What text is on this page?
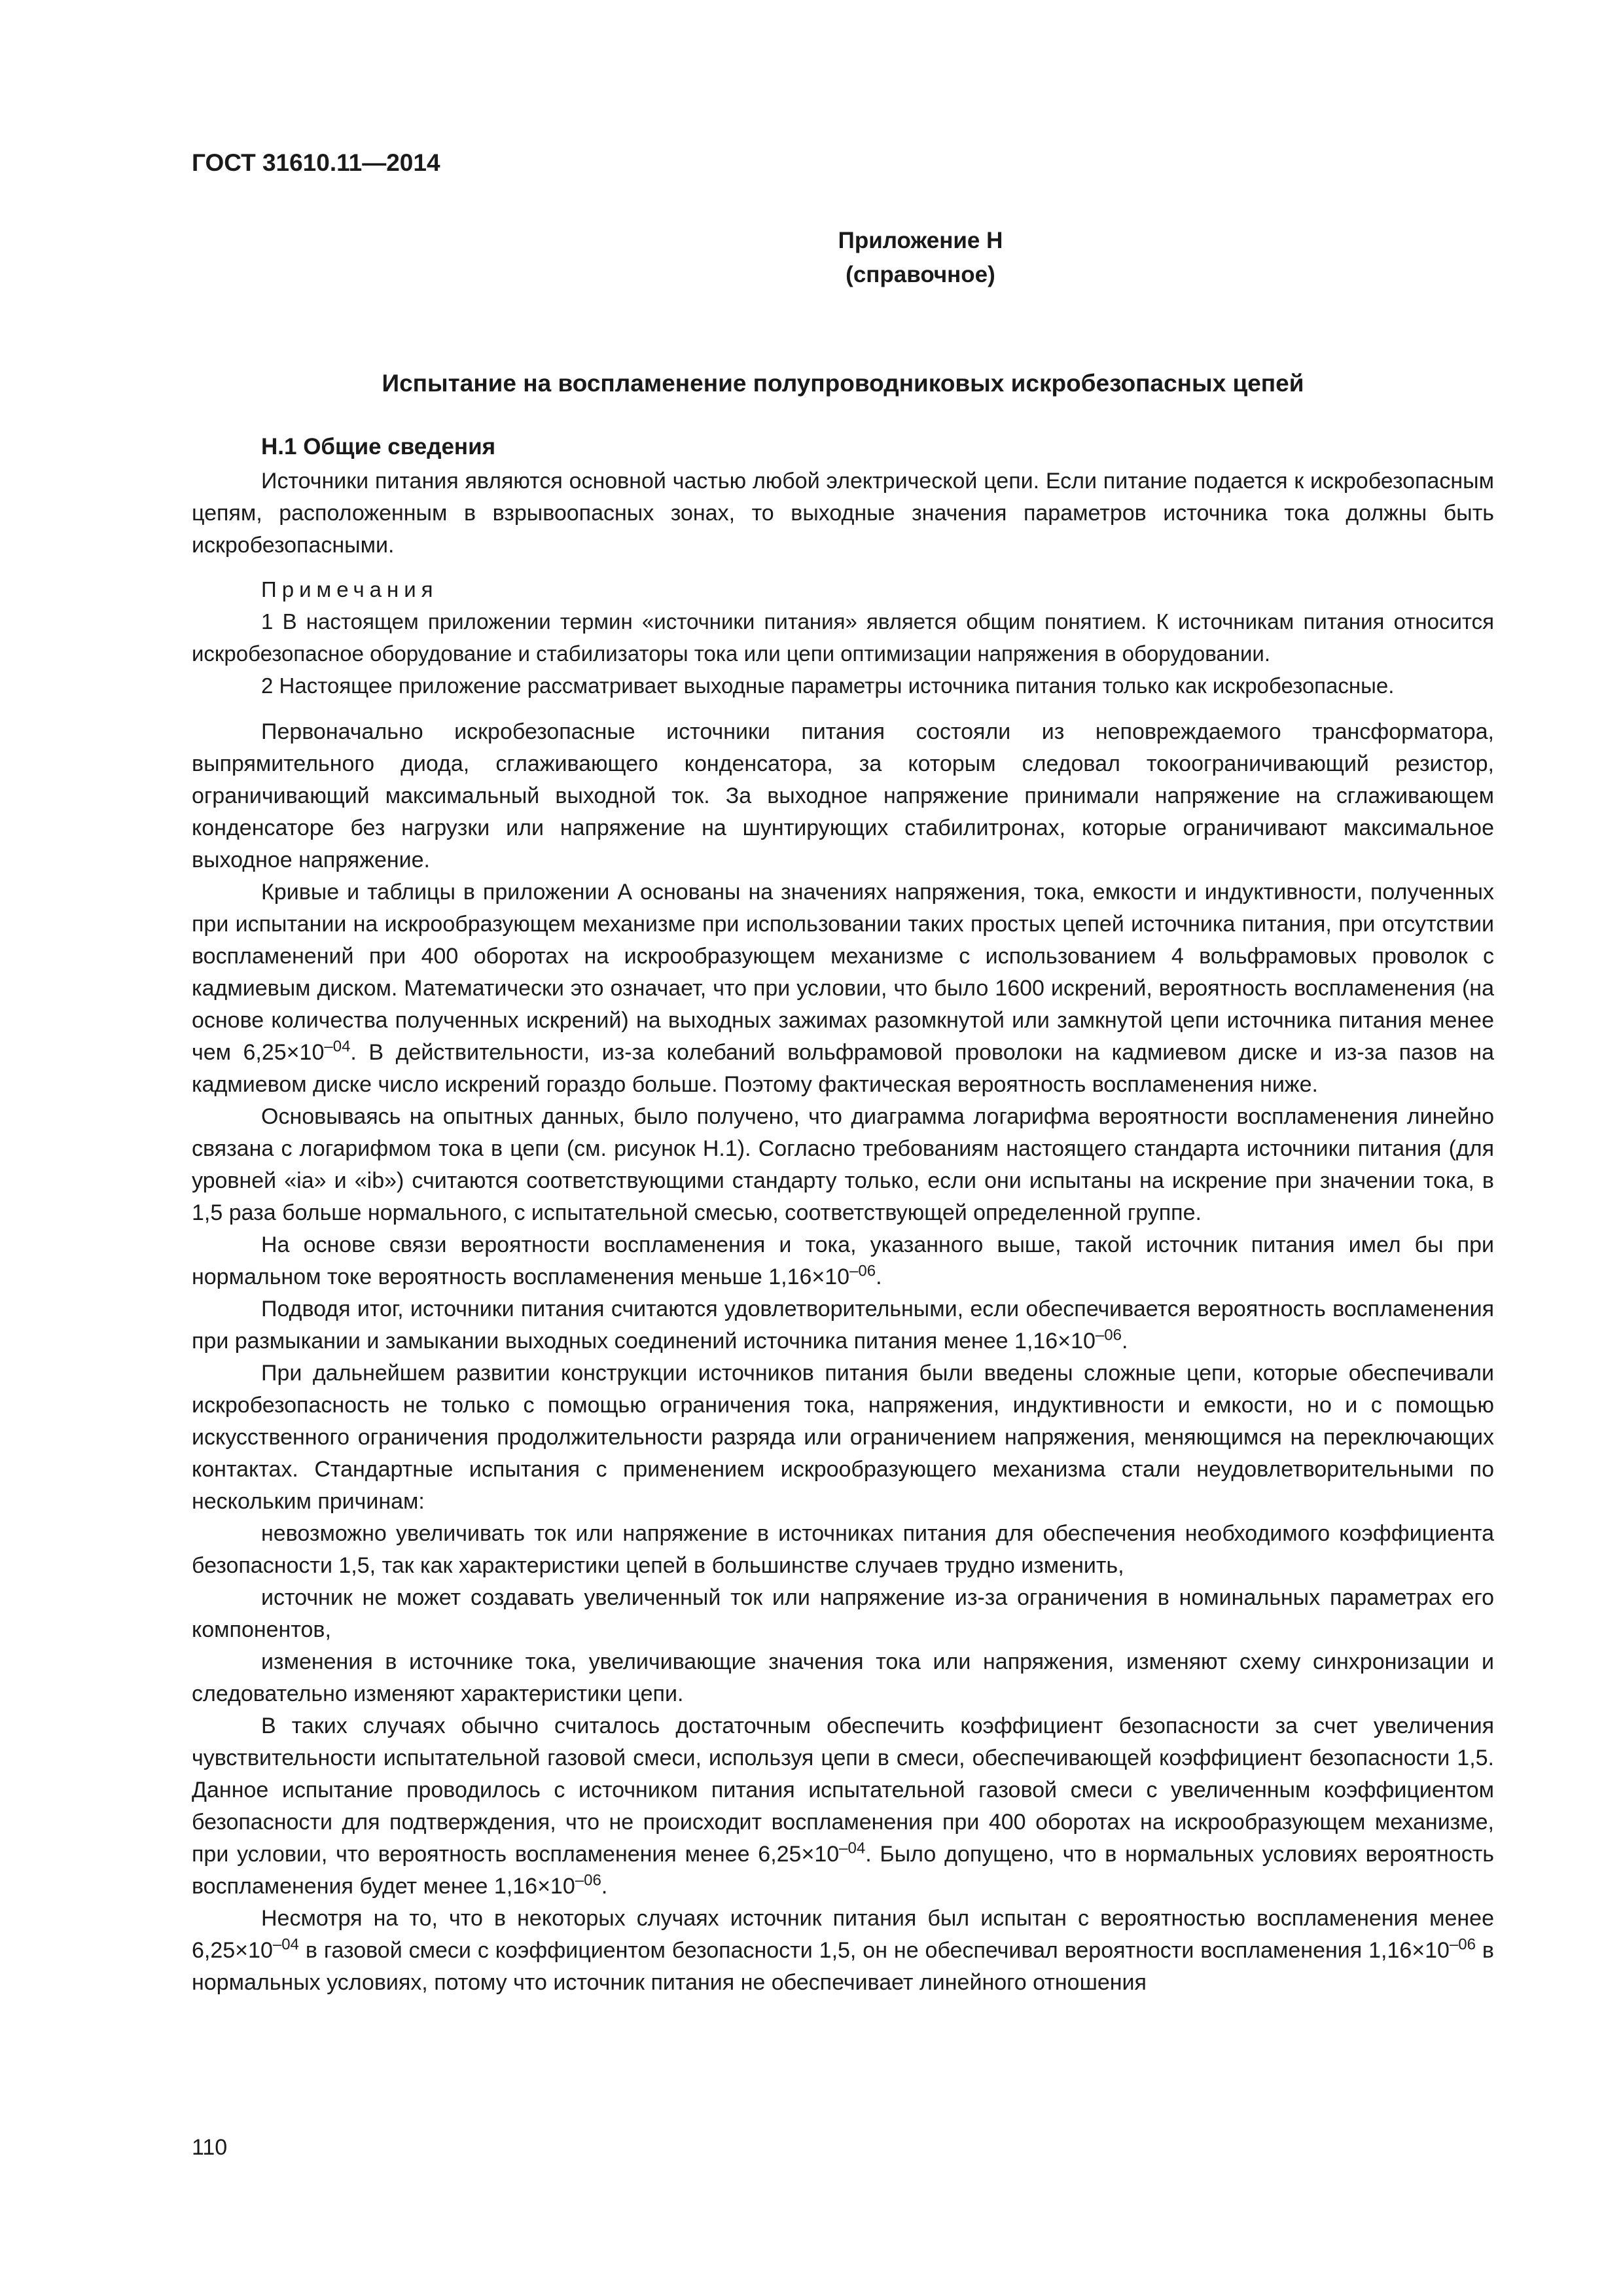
ГОСТ 31610.11—2014
Приложение Н
(справочное)
Испытание на воспламенение полупроводниковых искробезопасных цепей
Н.1 Общие сведения

Источники питания являются основной частью любой электрической цепи. Если питание подается к искробезопасным цепям, расположенным в взрывоопасных зонах, то выходные значения параметров источника тока должны быть искробезопасными.

Примечания

1 В настоящем приложении термин «источники питания» является общим понятием. К источникам питания относится искробезопасное оборудование и стабилизаторы тока или цепи оптимизации напряжения в оборудовании.

2 Настоящее приложение рассматривает выходные параметры источника питания только как искробезопасные.

Первоначально искробезопасные источники питания состояли из неповреждаемого трансформатора, выпрямительного диода, сглаживающего конденсатора, за которым следовал токоограничивающий резистор, ограничивающий максимальный выходной ток. За выходное напряжение принимали напряжение на сглаживающем конденсаторе без нагрузки или напряжение на шунтирующих стабилитронах, которые ограничивают максимальное выходное напряжение.

Кривые и таблицы в приложении А основаны на значениях напряжения, тока, емкости и индуктивности, полученных при испытании на искрообразующем механизме при использовании таких простых цепей источника питания, при отсутствии воспламенений при 400 оборотах на искрообразующем механизме с использованием 4 вольфрамовых проволок с кадмиевым диском. Математически это означает, что при условии, что было 1600 искрений, вероятность воспламенения (на основе количества полученных искрений) на выходных зажимах разомкнутой или замкнутой цепи источника питания менее чем $6,25\times 10^{-04}$. В действительности, из-за колебаний вольфрамовой проволоки на кадмиевом диске и из-за пазов на кадмиевом диске число искрений гораздо больше. Поэтому фактическая вероятность воспламенения ниже.

Основываясь на опытных данных, было получено, что диаграмма логарифма вероятности воспламенения линейно связана с логарифмом тока в цепи (см. рисунок Н.1). Согласно требованиям настоящего стандарта источники питания (для уровней «ia» и «ib») считаются соответствующими стандарту только, если они испытаны на искрение при значении тока, в 1,5 раза больше нормального, с испытательной смесью, соответствующей определенной группе.

На основе связи вероятности воспламенения и тока, указанного выше, такой источник питания имел бы при нормальном токе вероятность воспламенения меньше $1,16\times 10^{-06}$.

Подводя итог, источники питания считаются удовлетворительными, если обеспечивается вероятность воспламенения при размыкании и замыкании выходных соединений источника питания менее $1,16\times 10^{-06}$.

При дальнейшем развитии конструкции источников питания были введены сложные цепи, которые обеспечивали искробезопасность не только с помощью ограничения тока, напряжения, индуктивности и емкости, но и с помощью искусственного ограничения продолжительности разряда или ограничением напряжения, меняющимся на переключающих контактах. Стандартные испытания с применением искрообразующего механизма стали неудовлетворительными по нескольким причинам:

невозможно увеличивать ток или напряжение в источниках питания для обеспечения необходимого коэффициента безопасности 1,5, так как характеристики цепей в большинстве случаев трудно изменить,

источник не может создавать увеличенный ток или напряжение из-за ограничения в номинальных параметрах его компонентов,

изменения в источнике тока, увеличивающие значения тока или напряжения, изменяют схему синхронизации и следовательно изменяют характеристики цепи.

В таких случаях обычно считалось достаточным обеспечить коэффициент безопасности за счет увеличения чувствительности испытательной газовой смеси, используя цепи в смеси, обеспечивающей коэффициент безопасности 1,5. Данное испытание проводилось с источником питания испытательной газовой смеси с увеличенным коэффициентом безопасности для подтверждения, что не происходит воспламенения при 400 оборотах на искрообразующем механизме, при условии, что вероятность воспламенения менее $6,25\times 10^{-04}$. Было допущено, что в нормальных условиях вероятность воспламенения будет менее $1,16\times 10^{-06}$.

Несмотря на то, что в некоторых случаях источник питания был испытан с вероятностью воспламенения менее $6,25\times 10^{-04}$ в газовой смеси с коэффициентом безопасности 1,5, он не обеспечивал вероятности воспламенения $1,16\times 10^{-06}$ в нормальных условиях, потому что источник питания не обеспечивает линейного отношения

110
